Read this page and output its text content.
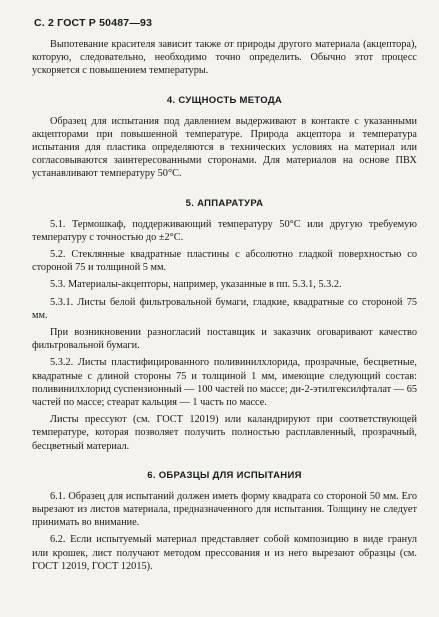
С. 2 ГОСТ Р 50487—93

Выпотевание красителя зависит также от природы другого материала (акцептора), которую, следовательно, необходимо точно определить. Обычно этот процесс ускоряется с повышением температуры.

4. СУЩНОСТЬ МЕТОДА

Образец для испытания под давлением выдерживают в контакте с указанными акцепторами при повышенной температуре. Природа акцептора и температура испытания для пластика определяются в технических условиях на материал или согласовываются заинтересованными сторонами. Для материалов на основе ПВХ устанавливают температуру 50°С.

5. АППАРАТУРА

5.1. Термошкаф, поддерживающий температуру 50°С или другую требуемую температуру с точностью до ±2°С.

5.2. Стеклянные квадратные пластины с абсолютно гладкой поверхностью со стороной 75 и толщиной 5 мм.

5.3. Материалы-акцепторы, например, указанные в пп. 5.3.1, 5.3.2.

5.3.1. Листы белой фильтровальной бумаги, гладкие, квадратные со стороной 75 мм.

При возникновении разногласий поставщик и заказчик оговаривают качество фильтровальной бумаги.

5.3.2. Листы пластифицированного поливинилхлорида, прозрачные, бесцветные, квадратные с длиной стороны 75 и толщиной 1 мм, имеющие следующий состав: поливинилхлорид суспензионный — 100 частей по массе; ди-2-этилгексилфталат — 65 частей по массе; стеарат кальция — 1 часть по массе.

Листы прессуют (см. ГОСТ 12019) или каландрируют при соответствующей температуре, которая позволяет получить полностью расплавленный, прозрачный, бесцветный материал.

6. ОБРАЗЦЫ ДЛЯ ИСПЫТАНИЯ

6.1. Образец для испытаний должен иметь форму квадрата со стороной 50 мм. Его вырезают из листов материала, предназначенного для испытания. Толщину не следует принимать во внимание.

6.2. Если испытуемый материал представляет собой композицию в виде гранул или крошек, лист получают методом прессования и из него вырезают образцы (см. ГОСТ 12019, ГОСТ 12015).
